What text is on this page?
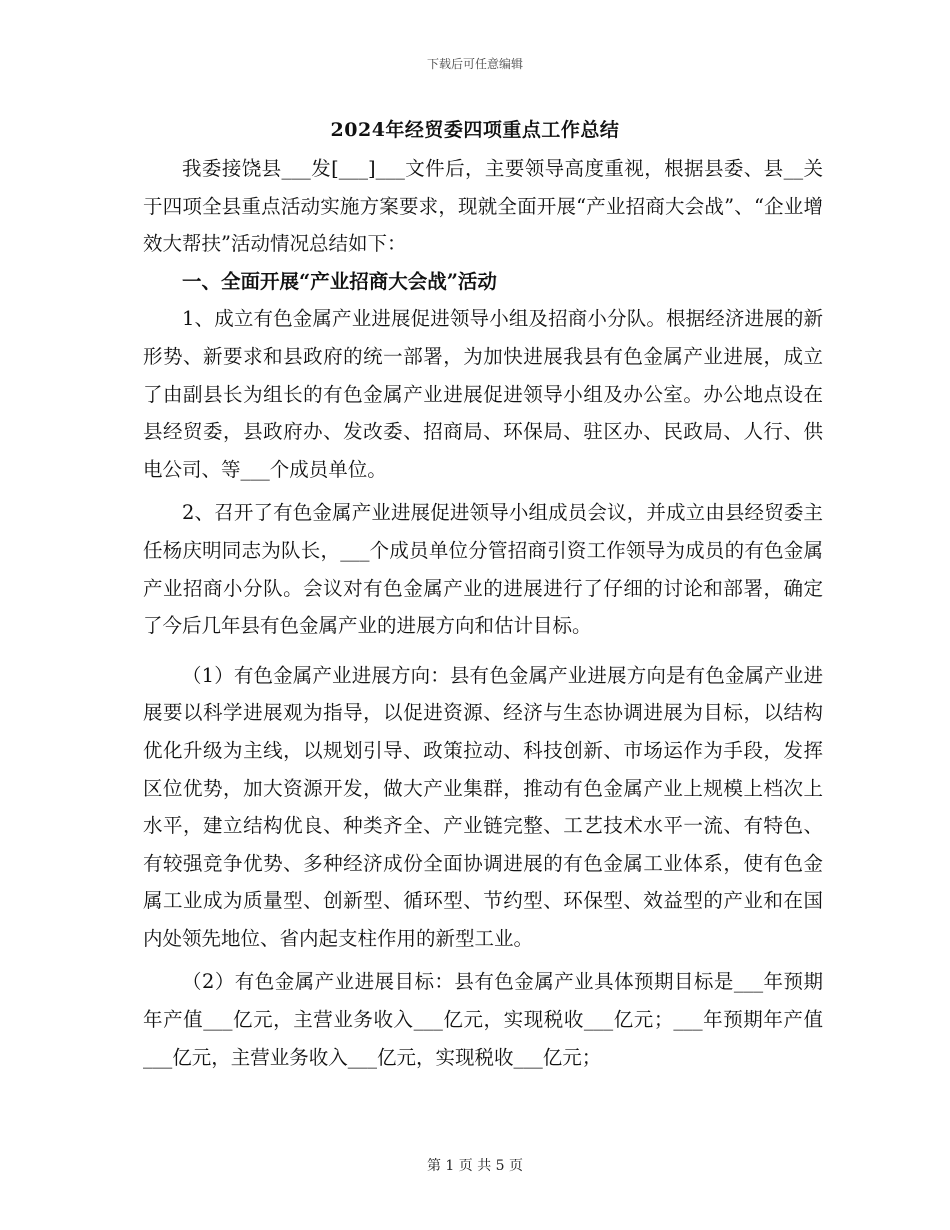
下载后可任意编辑
2024年经贸委四项重点工作总结

我委接饶县___发[___]___文件后，主要领导高度重视，根据县委、县__关于四项全县重点活动实施方案要求，现就全面开展“产业招商大会战”、“企业增效大帮扶”活动情况总结如下：

一、全面开展“产业招商大会战”活动

1、成立有色金属产业进展促进领导小组及招商小分队。根据经济进展的新形势、新要求和县政府的统一部署，为加快进展我县有色金属产业进展，成立了由副县长为组长的有色金属产业进展促进领导小组及办公室。办公地点设在县经贸委，县政府办、发改委、招商局、环保局、驻区办、民政局、人行、供电公司、等___个成员单位。

2、召开了有色金属产业进展促进领导小组成员会议，并成立由县经贸委主任杨庆明同志为队长，___个成员单位分管招商引资工作领导为成员的有色金属产业招商小分队。会议对有色金属产业的进展进行了仔细的讨论和部署，确定了今后几年县有色金属产业的进展方向和估计目标。

（1）有色金属产业进展方向：县有色金属产业进展方向是有色金属产业进展要以科学进展观为指导，以促进资源、经济与生态协调进展为目标，以结构优化升级为主线，以规划引导、政策拉动、科技创新、市场运作为手段，发挥区位优势，加大资源开发，做大产业集群，推动有色金属产业上规模上档次上水平，建立结构优良、种类齐全、产业链完整、工艺技术水平一流、有特色、有较强竞争优势、多种经济成份全面协调进展的有色金属工业体系，使有色金属工业成为质量型、创新型、循环型、节约型、环保型、效益型的产业和在国内处领先地位、省内起支柱作用的新型工业。

（2）有色金属产业进展目标：县有色金属产业具体预期目标是___年预期年产值___亿元，主营业务收入___亿元，实现税收___亿元；___年预期年产值___亿元，主营业务收入___亿元，实现税收___亿元；

第 1 页 共 5 页
